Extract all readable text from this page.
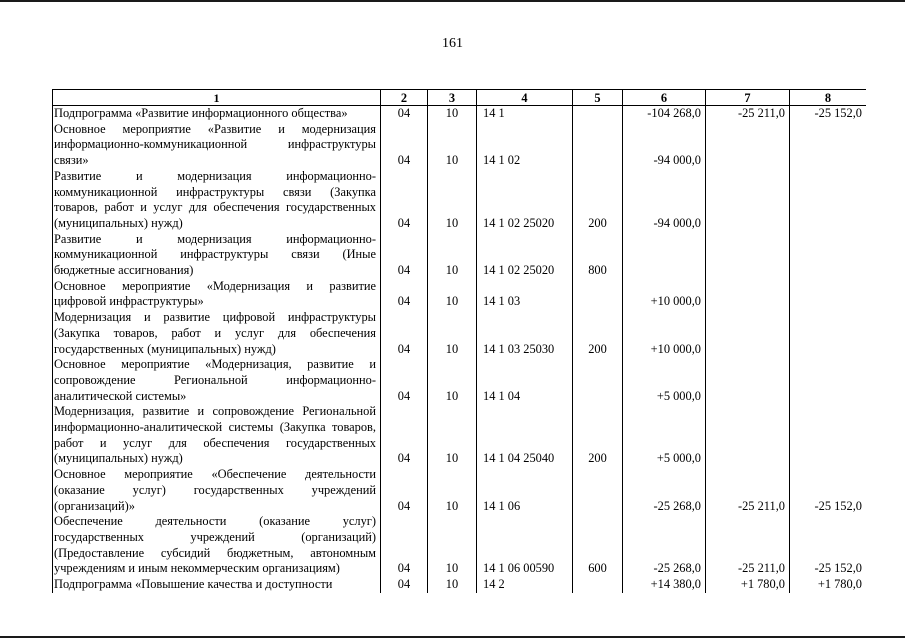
161
1	2	3	4	5	6	7	8
Подпрограмма «Развитие информационного общества»	04	10	14 1		-104 268,0	-25 211,0	-25 152,0
Основное мероприятие «Развитие и модернизация информационно-коммуникационной инфраструктуры связи»	04	10	14 1 02		-94 000,0		
Развитие и модернизация информационно-коммуникационной инфраструктуры связи (Закупка товаров, работ и услуг для обеспечения государственных (муниципальных) нужд)	04	10	14 1 02 25020	200	-94 000,0		
Развитие и модернизация информационно-коммуникационной инфраструктуры связи (Иные бюджетные ассигнования)	04	10	14 1 02 25020	800			
Основное мероприятие «Модернизация и развитие цифровой инфраструктуры»	04	10	14 1 03		+10 000,0		
Модернизация и развитие цифровой инфраструктуры (Закупка товаров, работ и услуг для обеспечения государственных (муниципальных) нужд)	04	10	14 1 03 25030	200	+10 000,0		
Основное мероприятие «Модернизация, развитие и сопровождение Региональной информационно-аналитической системы»	04	10	14 1 04		+5 000,0		
Модернизация, развитие и сопровождение Региональной информационно-аналитической системы (Закупка товаров, работ и услуг для обеспечения государственных (муниципальных) нужд)	04	10	14 1 04 25040	200	+5 000,0		
Основное мероприятие «Обеспечение деятельности (оказание услуг) государственных учреждений (организаций)»	04	10	14 1 06		-25 268,0	-25 211,0	-25 152,0
Обеспечение деятельности (оказание услуг) государственных учреждений (организаций) (Предоставление субсидий бюджетным, автономным учреждениям и иным некоммерческим организациям)	04	10	14 1 06 00590	600	-25 268,0	-25 211,0	-25 152,0
Подпрограмма «Повышение качества и доступности	04	10	14 2		+14 380,0	+1 780,0	+1 780,0
